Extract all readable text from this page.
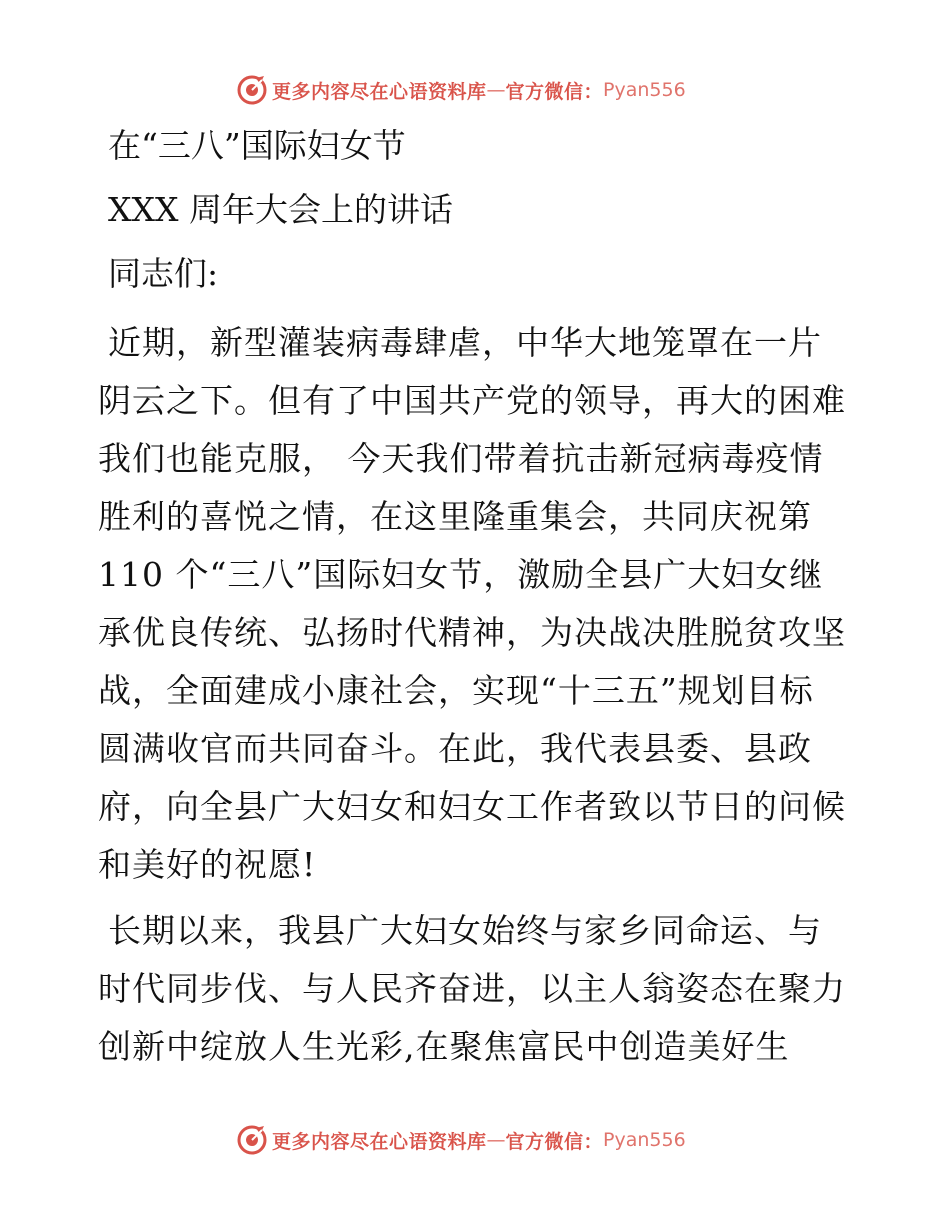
更多内容尽在心语资料库 — 官方微信： Pyan556
在“三八”国际妇女节
XXX 周年大会上的讲话
同志们:
近期，新型灌装病毒肆虐，中华大地笼罩在一片
阴云之下。但有了中国共产党的领导，再大的困难
我们也能克服， 今天我们带着抗击新冠病毒疫情
胜利的喜悦之情，在这里隆重集会，共同庆祝第
110 个“三八”国际妇女节，激励全县广大妇女继
承优良传统、弘扬时代精神，为决战决胜脱贫攻坚
战，全面建成小康社会，实现“十三五”规划目标
圆满收官而共同奋斗。在此，我代表县委、县政
府，向全县广大妇女和妇女工作者致以节日的问候
和美好的祝愿!
长期以来，我县广大妇女始终与家乡同命运、与
时代同步伐、与人民齐奋进，以主人翁姿态在聚力
创新中绽放人生光彩,在聚焦富民中创造美好生
更多内容尽在心语资料库 — 官方微信： Pyan556
